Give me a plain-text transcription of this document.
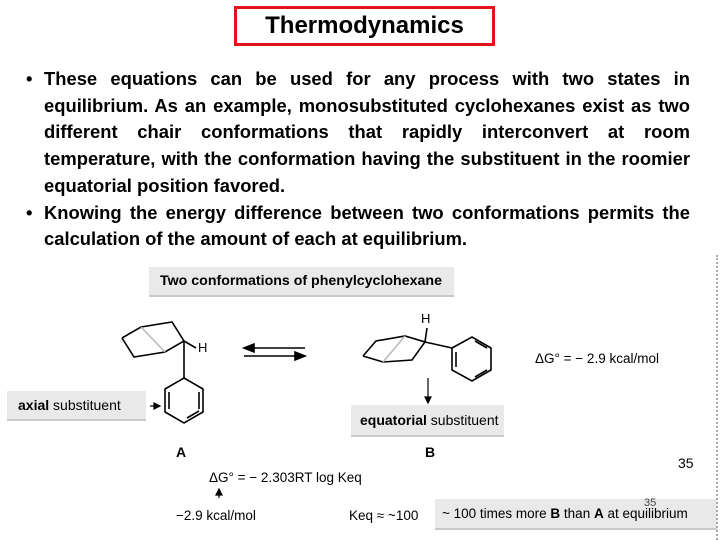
Thermodynamics
• These equations can be used for any process with two states in equilibrium. As an example, monosubstituted cyclohexanes exist as two different chair conformations that rapidly interconvert at room temperature, with the conformation having the substituent in the roomier equatorial position favored.
• Knowing the energy difference between two conformations permits the calculation of the amount of each at equilibrium.
Two conformations of phenylcyclohexane
H
H
axial substituent
equatorial substituent
A	B
ΔG° = − 2.9 kcal/mol
ΔG° = − 2.303RT log Keq
−2.9 kcal/mol	Keq ≈ ~100 ~ 100 times more B than A at equilibrium
35
35
